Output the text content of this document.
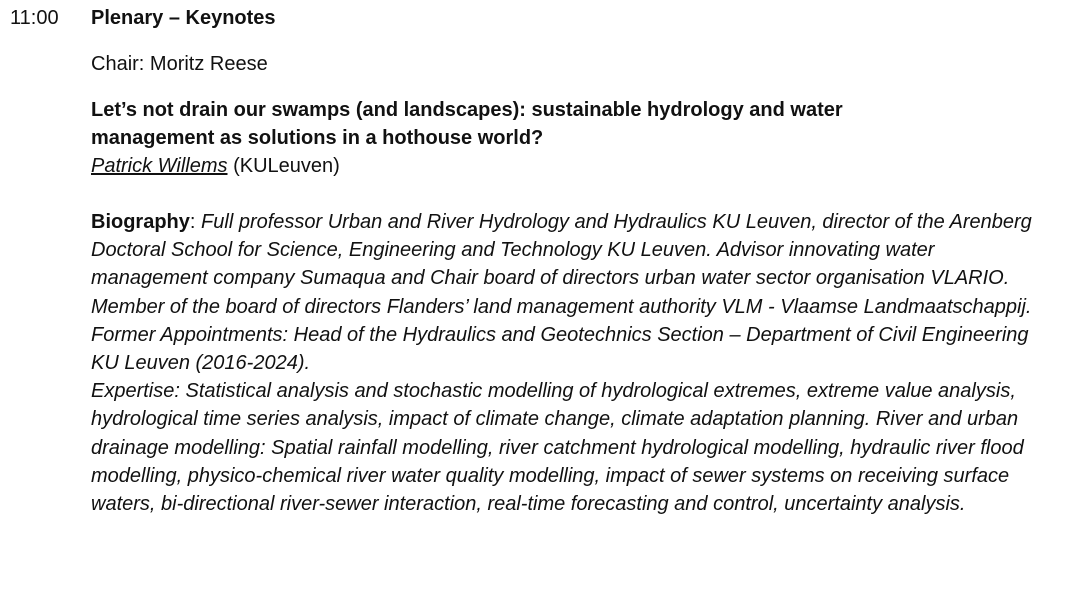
11:00 Plenary – Keynotes
Chair: Moritz Reese
Let’s not drain our swamps (and landscapes): sustainable hydrology and water management as solutions in a hothouse world?
Patrick Willems (KULeuven)
Biography: Full professor Urban and River Hydrology and Hydraulics KU Leuven, director of the Arenberg Doctoral School for Science, Engineering and Technology KU Leuven. Advisor innovating water management company Sumaqua and Chair board of directors urban water sector organisation VLARIO. Member of the board of directors Flanders’ land management authority VLM - Vlaamse Landmaatschappij. Former Appointments: Head of the Hydraulics and Geotechnics Section – Department of Civil Engineering KU Leuven (2016-2024).
Expertise: Statistical analysis and stochastic modelling of hydrological extremes, extreme value analysis, hydrological time series analysis, impact of climate change, climate adaptation planning. River and urban drainage modelling: Spatial rainfall modelling, river catchment hydrological modelling, hydraulic river flood modelling, physico-chemical river water quality modelling, impact of sewer systems on receiving surface waters, bi-directional river-sewer interaction, real-time forecasting and control, uncertainty analysis.
